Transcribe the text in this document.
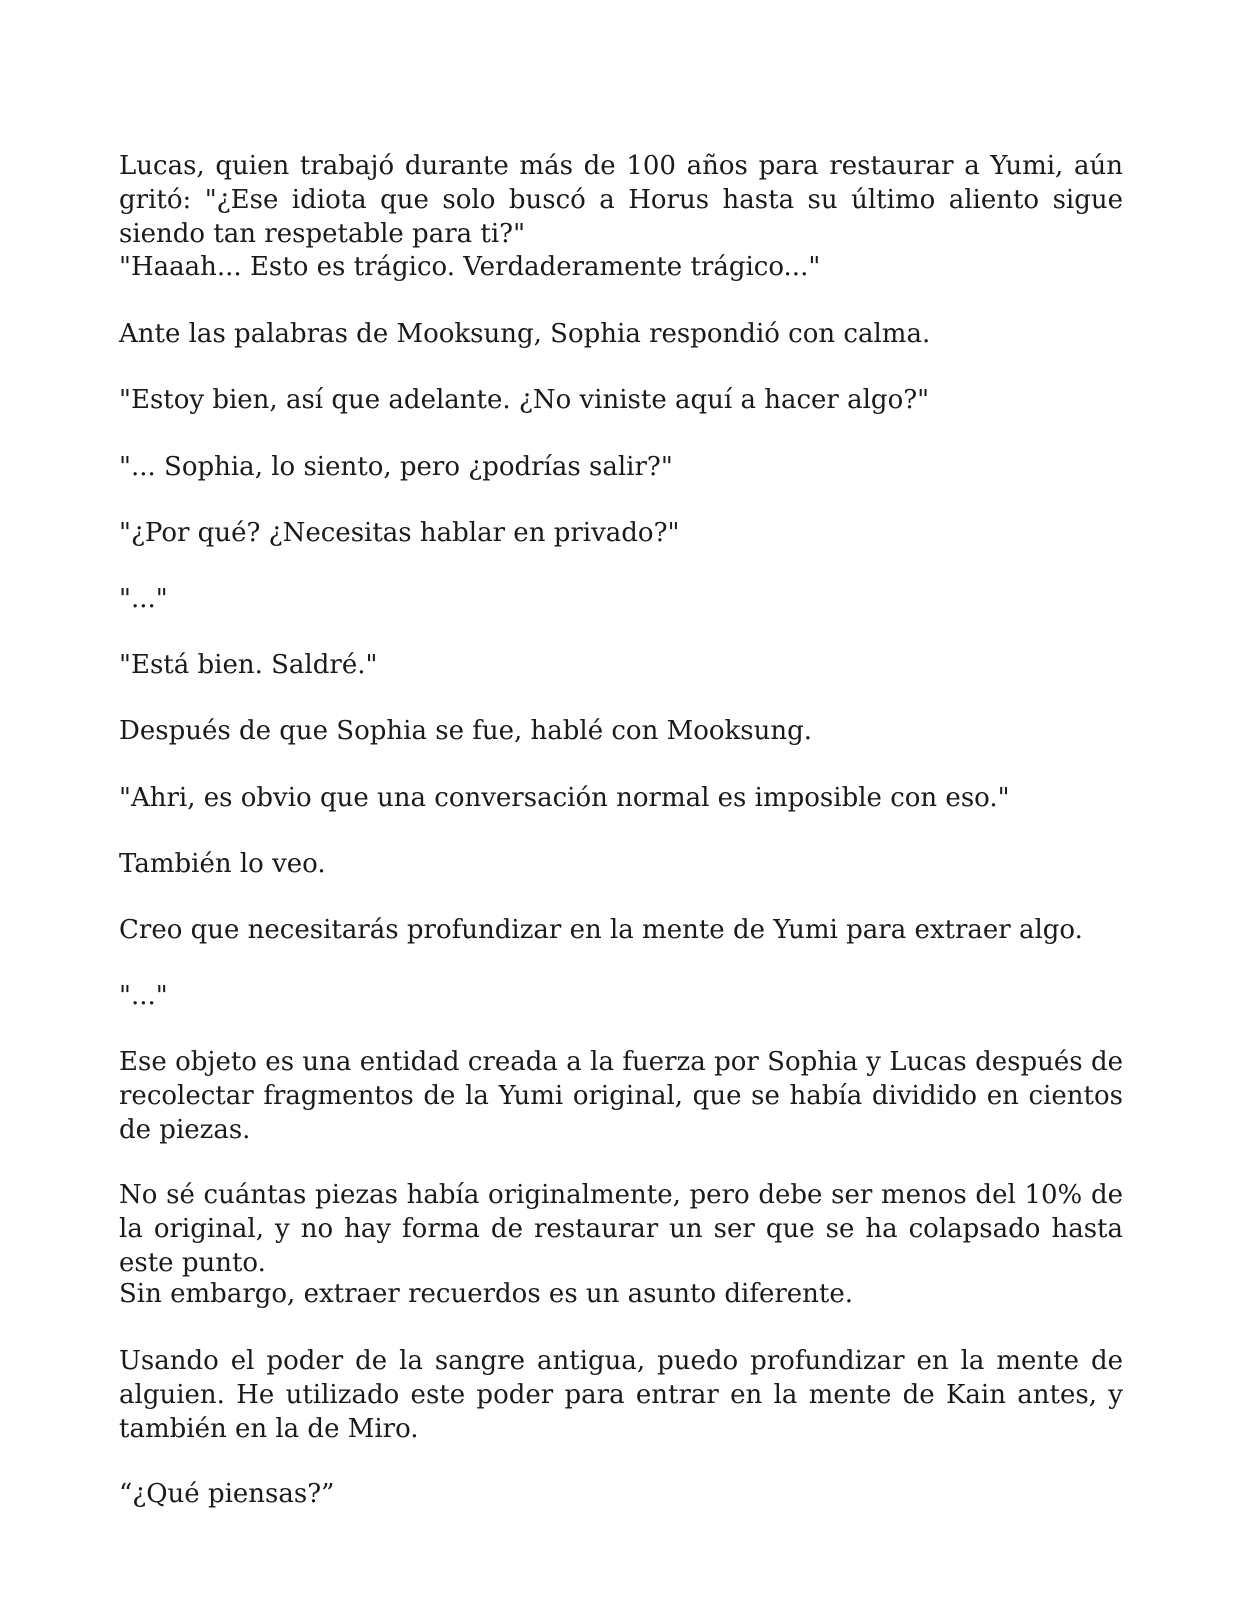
Lucas, quien trabajó durante más de 100 años para restaurar a Yumi, aún gritó: "¿Ese idiota que solo buscó a Horus hasta su último aliento sigue siendo tan respetable para ti?"

"Haaah... Esto es trágico. Verdaderamente trágico..."

Ante las palabras de Mooksung, Sophia respondió con calma.

"Estoy bien, así que adelante. ¿No viniste aquí a hacer algo?"

"... Sophia, lo siento, pero ¿podrías salir?"

"¿Por qué? ¿Necesitas hablar en privado?"

"..."

"Está bien. Saldré."

Después de que Sophia se fue, hablé con Mooksung.

"Ahri, es obvio que una conversación normal es imposible con eso."

También lo veo.

Creo que necesitarás profundizar en la mente de Yumi para extraer algo.

"..."

Ese objeto es una entidad creada a la fuerza por Sophia y Lucas después de recolectar fragmentos de la Yumi original, que se había dividido en cientos de piezas.

No sé cuántas piezas había originalmente, pero debe ser menos del 10% de la original, y no hay forma de restaurar un ser que se ha colapsado hasta este punto.

Sin embargo, extraer recuerdos es un asunto diferente.

Usando el poder de la sangre antigua, puedo profundizar en la mente de alguien. He utilizado este poder para entrar en la mente de Kain antes, y también en la de Miro.

“¿Qué piensas?”
